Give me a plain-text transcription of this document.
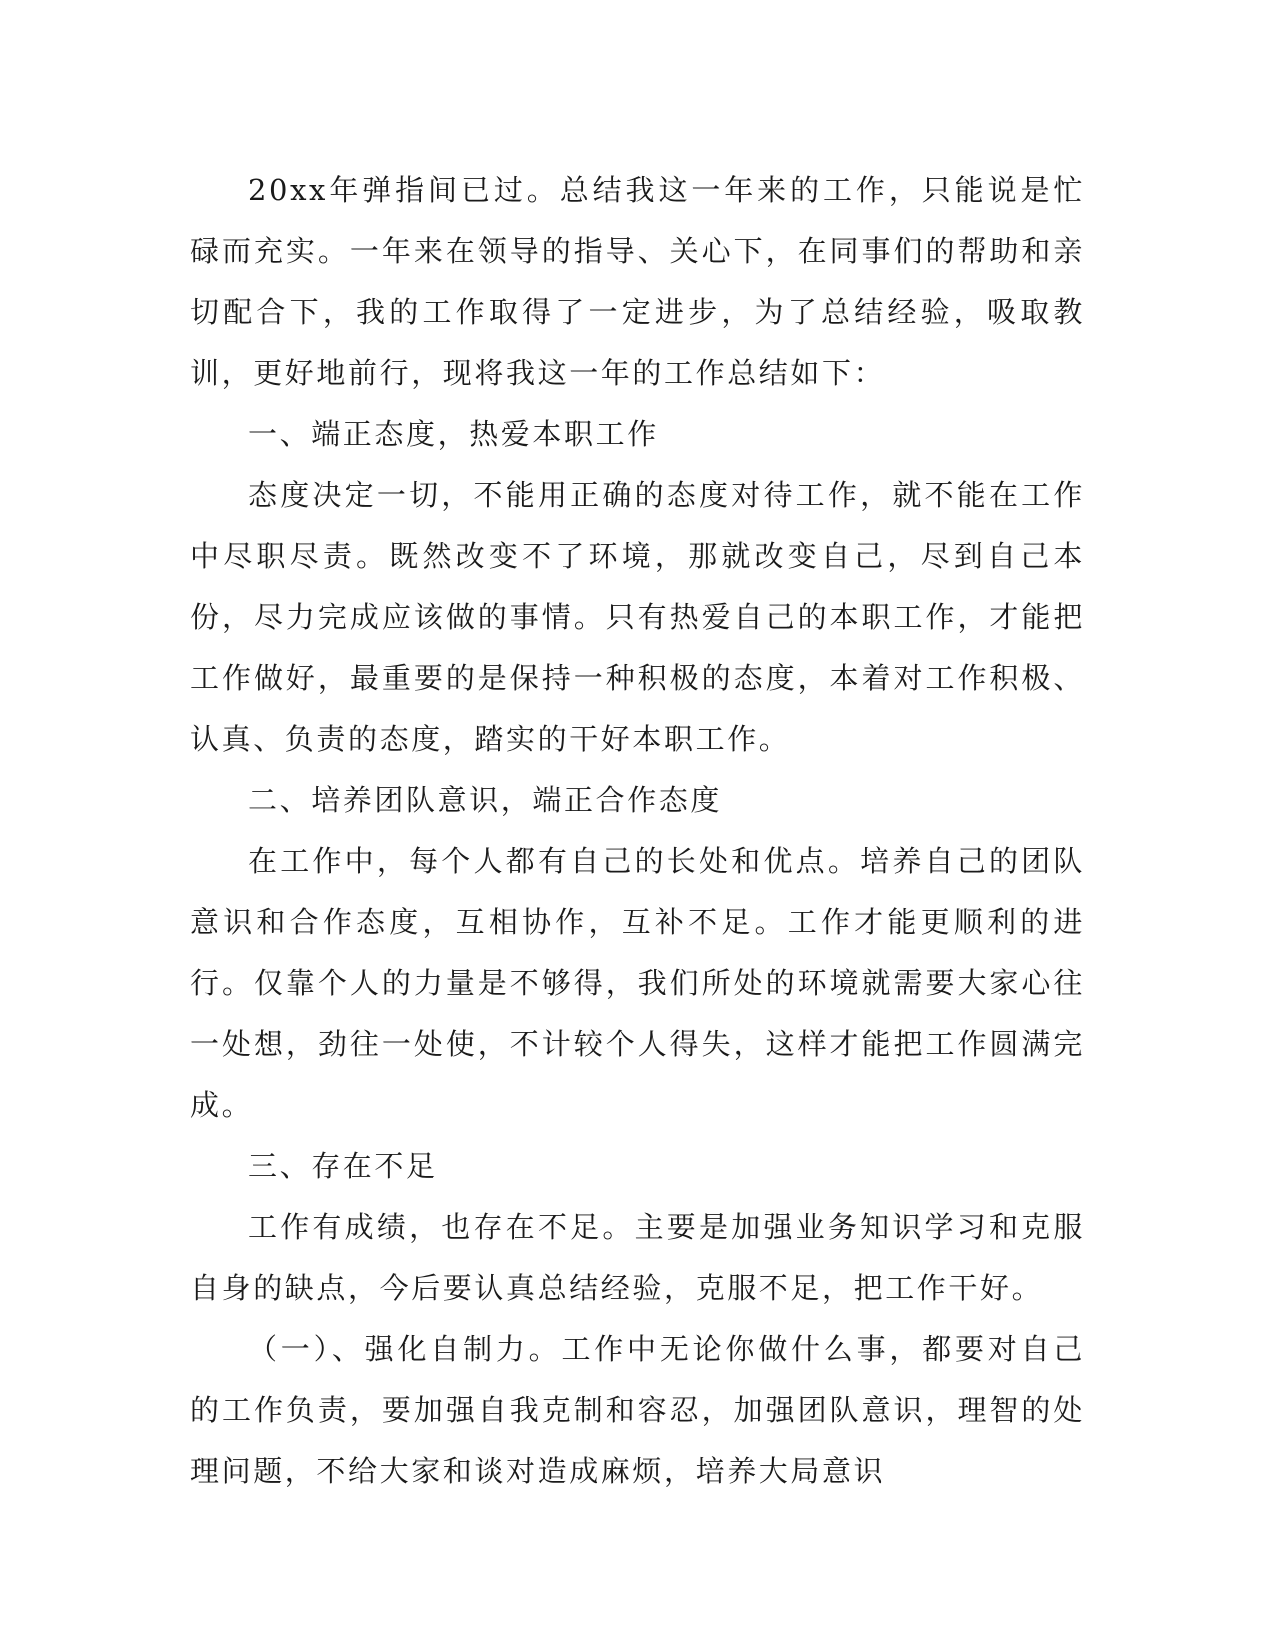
20xx年弹指间已过。总结我这一年来的工作，只能说是忙碌而充实。一年来在领导的指导、关心下，在同事们的帮助和亲切配合下，我的工作取得了一定进步，为了总结经验，吸取教训，更好地前行，现将我这一年的工作总结如下：

一、端正态度，热爱本职工作

态度决定一切，不能用正确的态度对待工作，就不能在工作中尽职尽责。既然改变不了环境，那就改变自己，尽到自己本份，尽力完成应该做的事情。只有热爱自己的本职工作，才能把工作做好，最重要的是保持一种积极的态度，本着对工作积极、认真、负责的态度，踏实的干好本职工作。

二、培养团队意识，端正合作态度

在工作中，每个人都有自己的长处和优点。培养自己的团队意识和合作态度，互相协作，互补不足。工作才能更顺利的进行。仅靠个人的力量是不够得，我们所处的环境就需要大家心往一处想，劲往一处使，不计较个人得失，这样才能把工作圆满完成。

三、存在不足

工作有成绩，也存在不足。主要是加强业务知识学习和克服自身的缺点，今后要认真总结经验，克服不足，把工作干好。

（一）、强化自制力。工作中无论你做什么事，都要对自己的工作负责，要加强自我克制和容忍，加强团队意识，理智的处理问题，不给大家和谈对造成麻烦，培养大局意识
